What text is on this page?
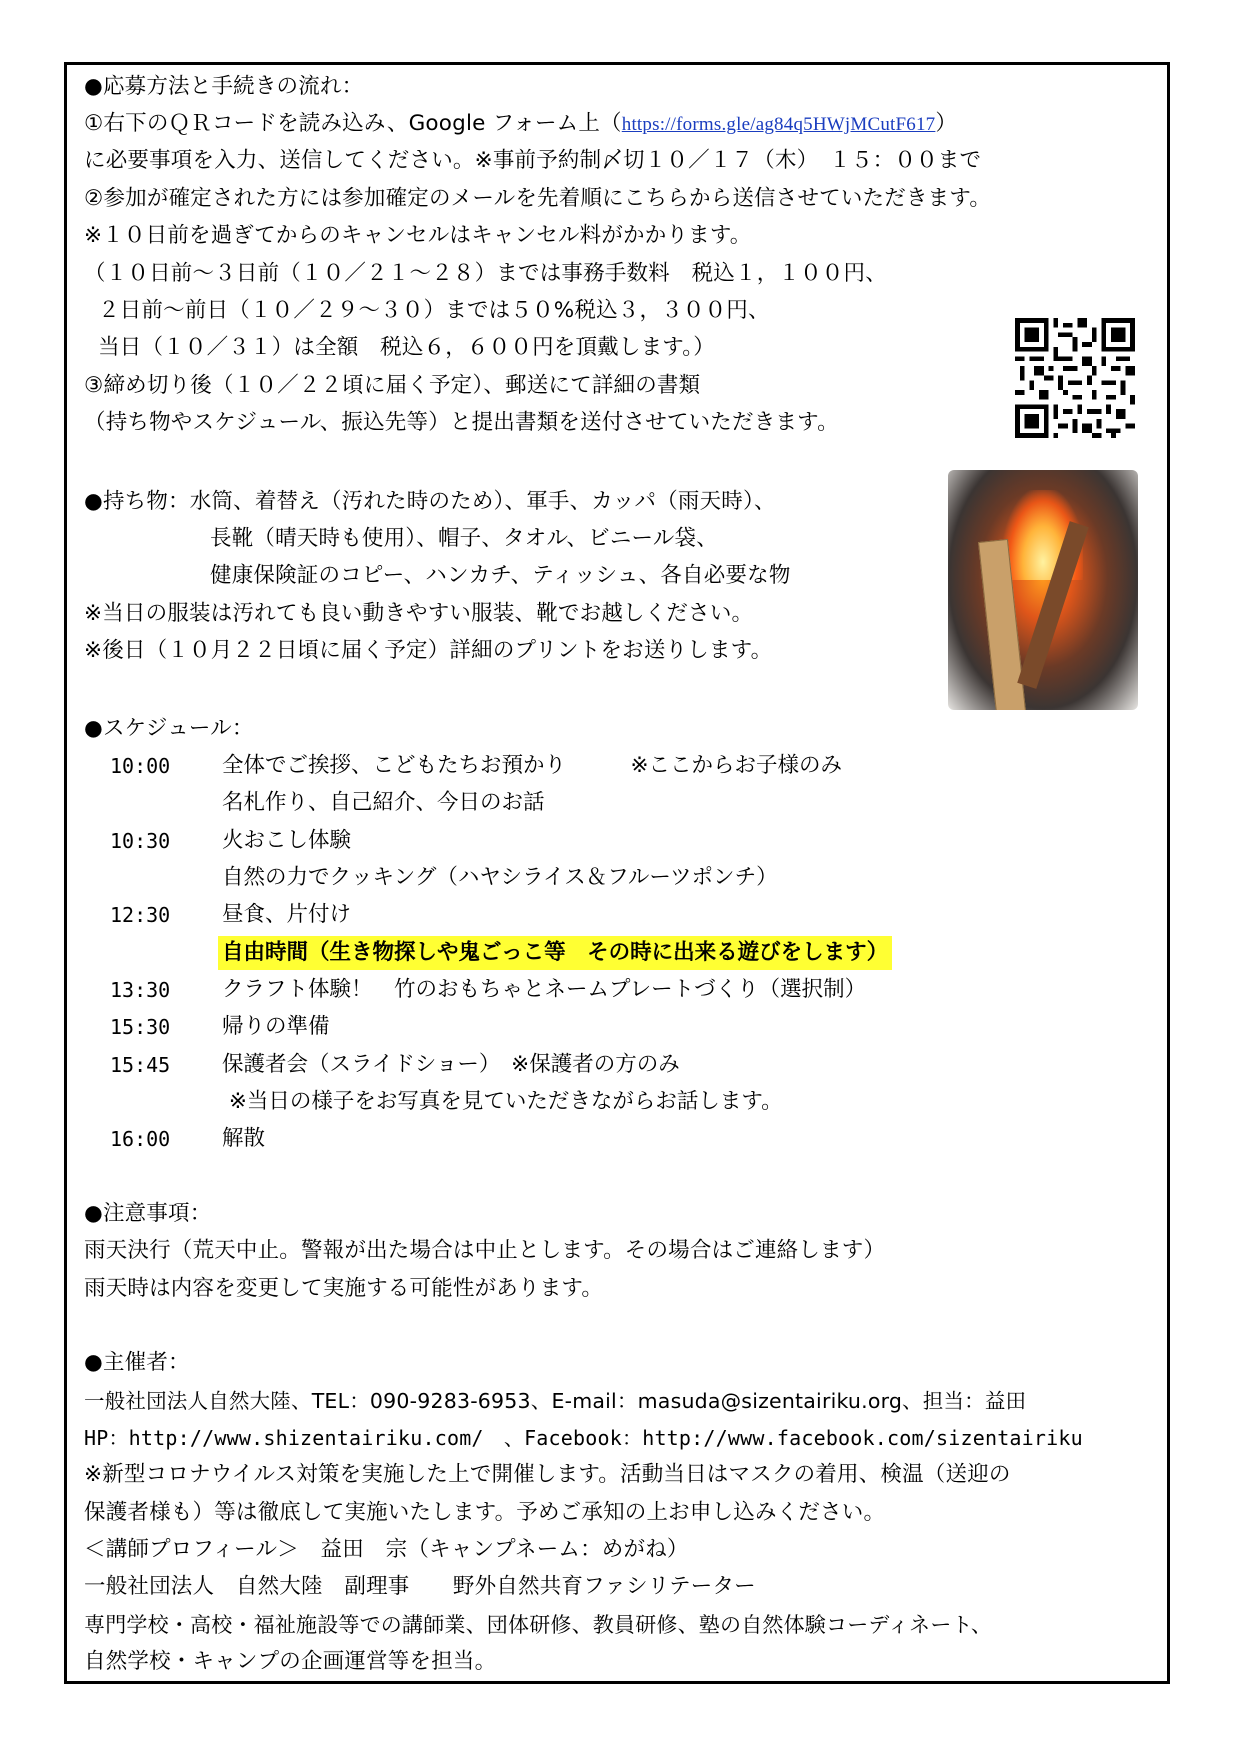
●応募方法と手続きの流れ：
①右下のＱＲコードを読み込み、Google フォーム上（https://forms.gle/ag84q5HWjMCutF617）
に必要事項を入力、送信してください。※事前予約制〆切１０／１７（木）　１５：００まで
②参加が確定された方には参加確定のメールを先着順にこちらから送信させていただきます。
※１０日前を過ぎてからのキャンセルはキャンセル料がかかります。
（１０日前～３日前（１０／２１～２８）までは事務手数料　税込１，１００円、
２日前～前日（１０／２９～３０）までは５０%税込３，３００円、
当日（１０／３１）は全額　税込６，６００円を頂戴します。）
③締め切り後（１０／２２頃に届く予定）、郵送にて詳細の書類
（持ち物やスケジュール、振込先等）と提出書類を送付させていただきます。
●持ち物：水筒、着替え（汚れた時のため）、軍手、カッパ（雨天時）、
長靴（晴天時も使用）、帽子、タオル、ビニール袋、
健康保険証のコピー、ハンカチ、ティッシュ、各自必要な物
※当日の服装は汚れても良い動きやすい服装、靴でお越しください。
※後日（１０月２２日頃に届く予定）詳細のプリントをお送りします。
●スケジュール：
10:00 全体でご挨拶、こどもたちお預かり　　　※ここからお子様のみ
名札作り、自己紹介、今日のお話
10:30 火おこし体験
自然の力でクッキング（ハヤシライス＆フルーツポンチ）
12:30 昼食、片付け
自由時間（生き物探しや鬼ごっこ等　その時に出来る遊びをします）
13:30 クラフト体験！　竹のおもちゃとネームプレートづくり（選択制）
15:30 帰りの準備
15:45 保護者会（スライドショー）　※保護者の方のみ
※当日の様子をお写真を見ていただきながらお話します。
16:00 解散
●注意事項：
雨天決行（荒天中止。警報が出た場合は中止とします。その場合はご連絡します）
雨天時は内容を変更して実施する可能性があります。
●主催者：
一般社団法人自然大陸、TEL：090-9283-6953、E-mail：masuda@sizentairiku.org、担当：益田
HP：http://www.shizentairiku.com/　、Facebook：http://www.facebook.com/sizentairiku
※新型コロナウイルス対策を実施した上で開催します。活動当日はマスクの着用、検温（送迎の
保護者様も）等は徹底して実施いたします。予めご承知の上お申し込みください。
＜講師プロフィール＞　益田　宗（キャンプネーム：めがね）
一般社団法人　自然大陸　副理事　　野外自然共育ファシリテーター
専門学校・高校・福祉施設等での講師業、団体研修、教員研修、塾の自然体験コーディネート、
自然学校・キャンプの企画運営等を担当。
